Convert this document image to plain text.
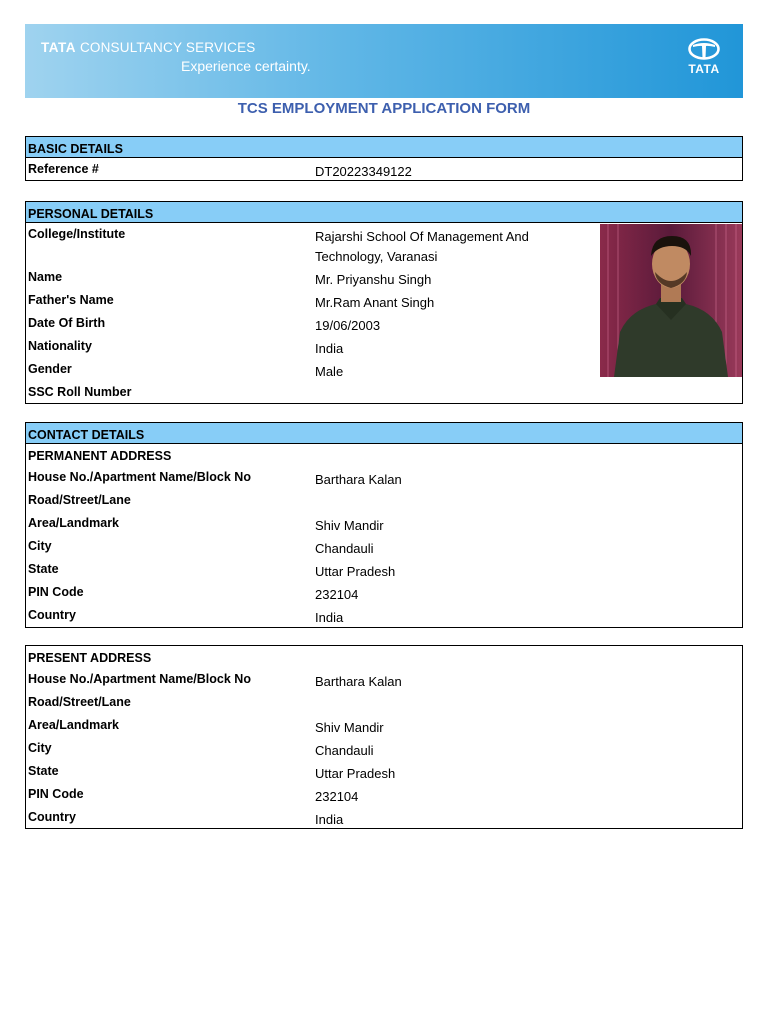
TATA CONSULTANCY SERVICES
Experience certainty.	TATA
TCS EMPLOYMENT APPLICATION FORM
BASIC DETAILS
Reference #	DT20223349122
PERSONAL DETAILS
College/Institute	Rajarshi School Of Management And Technology, Varanasi
Name	Mr. Priyanshu Singh
Father's Name	Mr.Ram Anant Singh
Date Of Birth	19/06/2003
Nationality	India
Gender	Male
SSC Roll Number
CONTACT DETAILS
PERMANENT ADDRESS
House No./Apartment Name/Block No	Barthara Kalan
Road/Street/Lane
Area/Landmark	Shiv Mandir
City	Chandauli
State	Uttar Pradesh
PIN Code	232104
Country	India
PRESENT ADDRESS
House No./Apartment Name/Block No	Barthara Kalan
Road/Street/Lane
Area/Landmark	Shiv Mandir
City	Chandauli
State	Uttar Pradesh
PIN Code	232104
Country	India
